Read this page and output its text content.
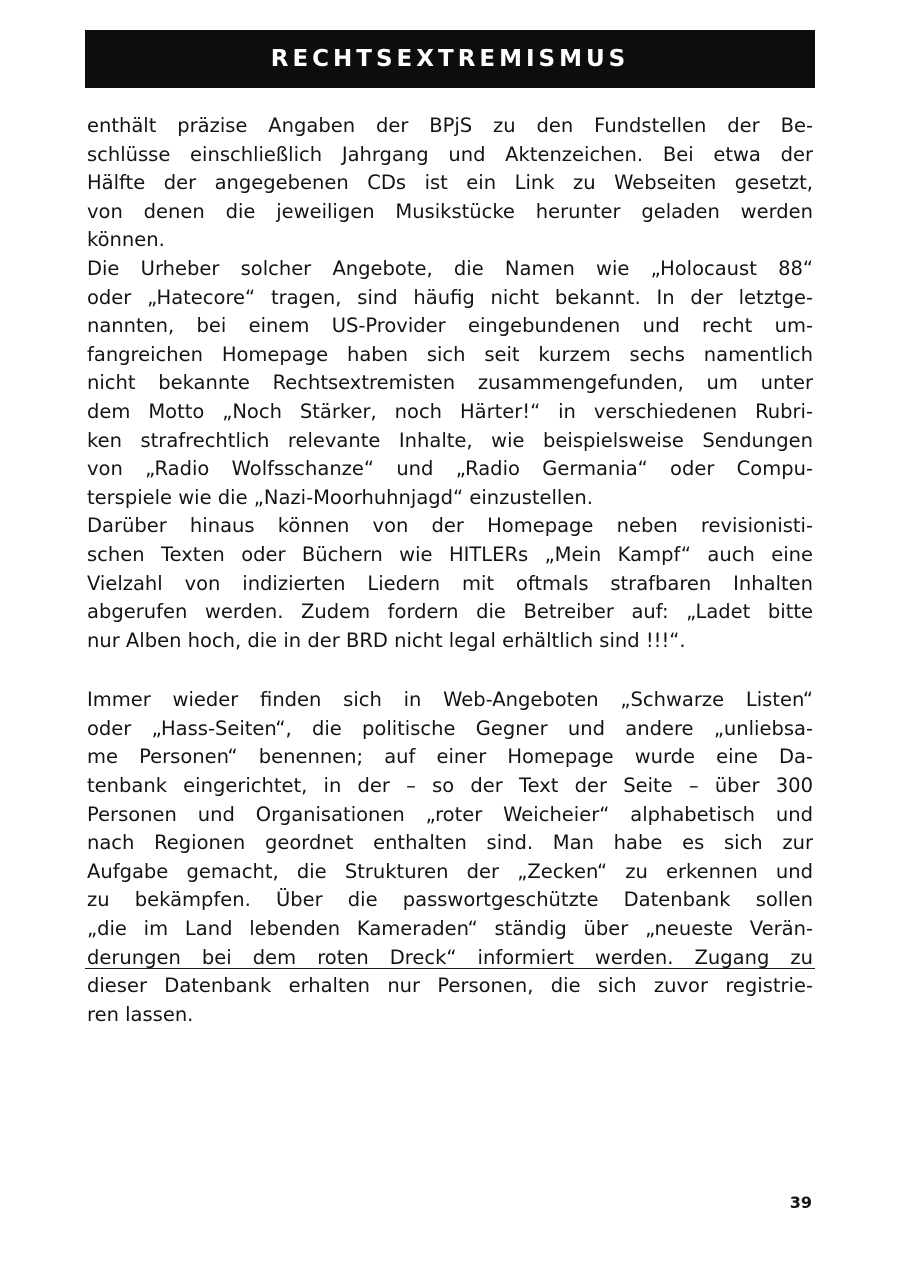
RECHTSEXTREMISMUS
enthält präzise Angaben der BPjS zu den Fundstellen der Be-
schlüsse einschließlich Jahrgang und Aktenzeichen. Bei etwa der
Hälfte der angegebenen CDs ist ein Link zu Webseiten gesetzt,
von denen die jeweiligen Musikstücke herunter geladen werden
können.
Die Urheber solcher Angebote, die Namen wie „Holocaust 88“
oder „Hatecore“ tragen, sind häufig nicht bekannt. In der letztge-
nannten, bei einem US-Provider eingebundenen und recht um-
fangreichen Homepage haben sich seit kurzem sechs namentlich
nicht bekannte Rechtsextremisten zusammengefunden, um unter
dem Motto „Noch Stärker, noch Härter!“ in verschiedenen Rubri-
ken strafrechtlich relevante Inhalte, wie beispielsweise Sendungen
von „Radio Wolfsschanze“ und „Radio Germania“ oder Compu-
terspiele wie die „Nazi-Moorhuhnjagd“ einzustellen.
Darüber hinaus können von der Homepage neben revisionisti-
schen Texten oder Büchern wie HITLERs „Mein Kampf“ auch eine
Vielzahl von indizierten Liedern mit oftmals strafbaren Inhalten
abgerufen werden. Zudem fordern die Betreiber auf: „Ladet bitte
nur Alben hoch, die in der BRD nicht legal erhältlich sind !!!“.
Immer wieder finden sich in Web-Angeboten „Schwarze Listen“
oder „Hass-Seiten“, die politische Gegner und andere „unliebsa-
me Personen“ benennen; auf einer Homepage wurde eine Da-
tenbank eingerichtet, in der – so der Text der Seite – über 300
Personen und Organisationen „roter Weicheier“ alphabetisch und
nach Regionen geordnet enthalten sind. Man habe es sich zur
Aufgabe gemacht, die Strukturen der „Zecken“ zu erkennen und
zu bekämpfen. Über die passwortgeschützte Datenbank sollen
„die im Land lebenden Kameraden“ ständig über „neueste Verän-
derungen bei dem roten Dreck“ informiert werden. Zugang zu
dieser Datenbank erhalten nur Personen, die sich zuvor registrie-
ren lassen.
39
